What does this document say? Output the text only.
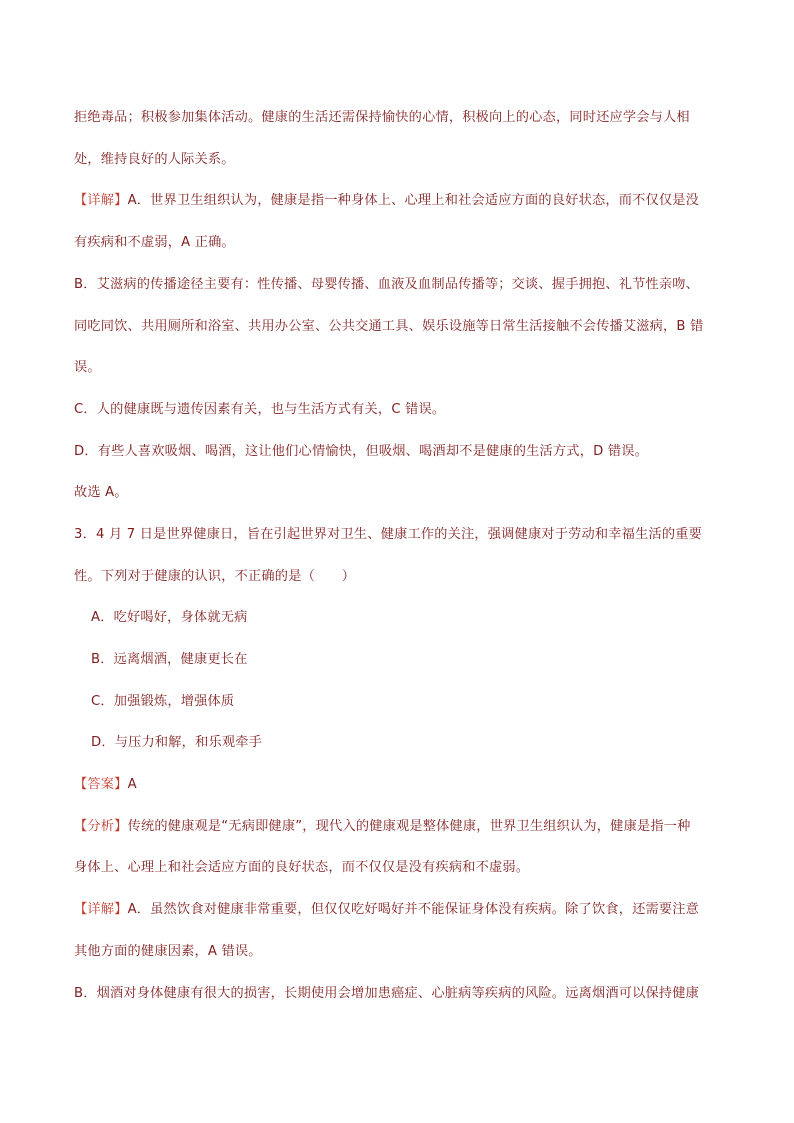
拒绝毒品；积极参加集体活动。健康的生活还需保持愉快的心情，积极向上的心态，同时还应学会与人相
处，维持良好的人际关系。
【详解】A．世界卫生组织认为，健康是指一种身体上、心理上和社会适应方面的良好状态，而不仅仅是没
有疾病和不虚弱，A 正确。
B．艾滋病的传播途径主要有：性传播、母婴传播、血液及血制品传播等；交谈、握手拥抱、礼节性亲吻、
同吃同饮、共用厕所和浴室、共用办公室、公共交通工具、娱乐设施等日常生活接触不会传播艾滋病，B 错
误。
C．人的健康既与遗传因素有关，也与生活方式有关，C 错误。
D．有些人喜欢吸烟、喝酒，这让他们心情愉快，但吸烟、喝酒却不是健康的生活方式，D 错误。
故选 A。
3．4 月 7 日是世界健康日，旨在引起世界对卫生、健康工作的关注，强调健康对于劳动和幸福生活的重要
性。下列对于健康的认识，不正确的是（　　）
A．吃好喝好，身体就无病
B．远离烟酒，健康更长在
C．加强锻炼，增强体质
D．与压力和解，和乐观牵手
【答案】A
【分析】传统的健康观是“无病即健康”，现代入的健康观是整体健康，世界卫生组织认为，健康是指一种
身体上、心理上和社会适应方面的良好状态，而不仅仅是没有疾病和不虚弱。
【详解】A．虽然饮食对健康非常重要，但仅仅吃好喝好并不能保证身体没有疾病。除了饮食，还需要注意
其他方面的健康因素，A 错误。
B．烟酒对身体健康有很大的损害，长期使用会增加患癌症、心脏病等疾病的风险。远离烟酒可以保持健康
